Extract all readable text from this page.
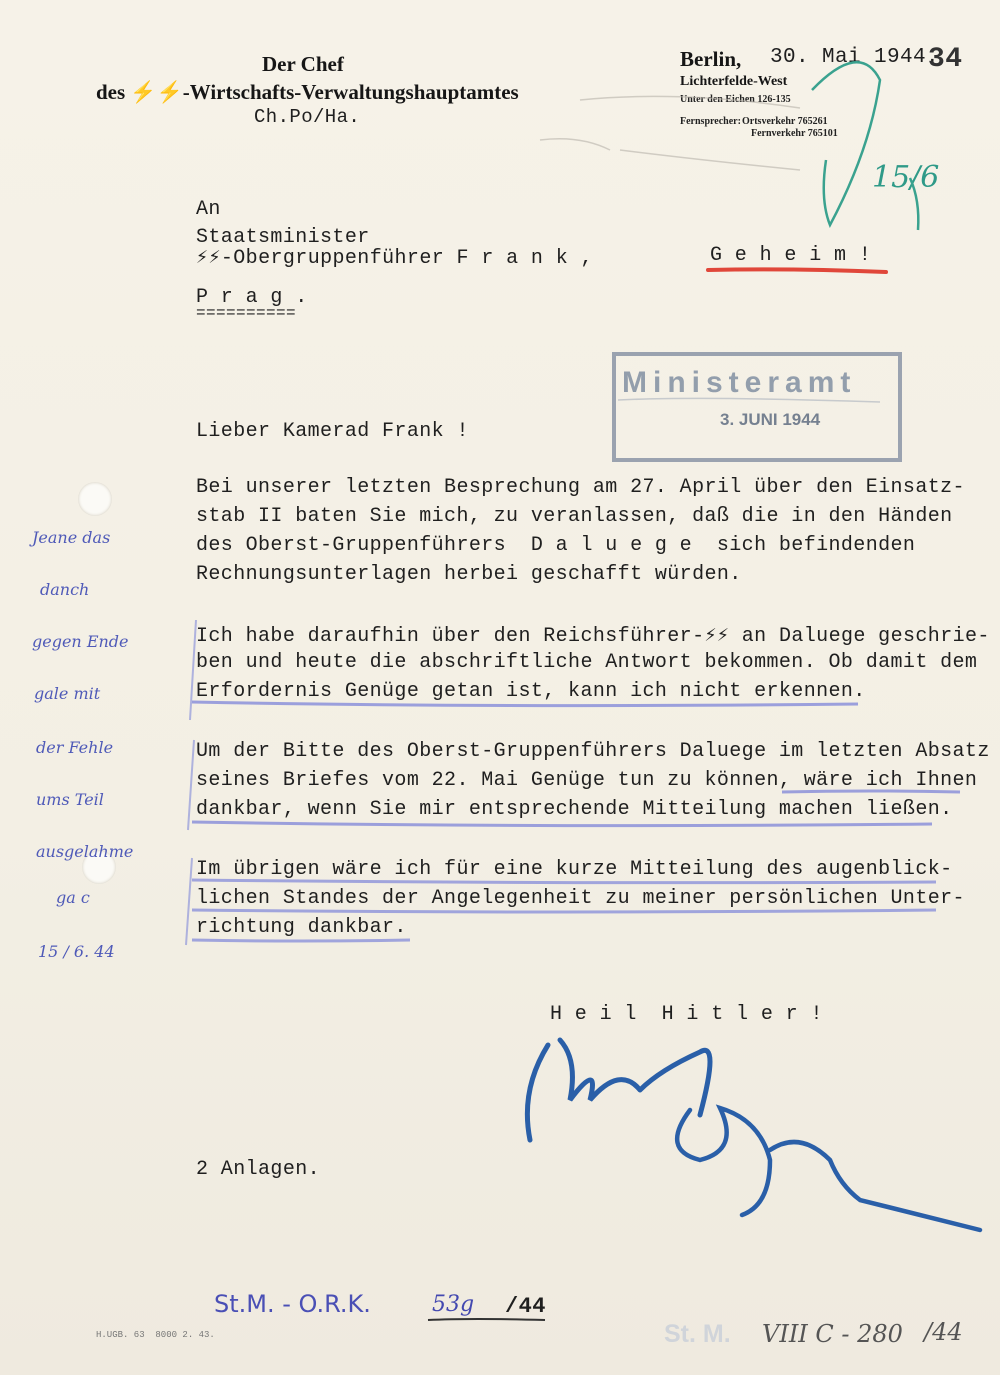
Der Chef
des ⚡⚡-Wirtschafts-Verwaltungshauptamtes
Ch.Po/Ha.
Berlin, 30. Mai 1944.
34
Lichterfelde-West
Unter den Eichen 126-135
Fernsprecher: Ortsverkehr 765261
Fernverkehr 765101
An
Staatsminister
⚡⚡-Obergruppenführer F r a n k ,
P r a g .
==========
G e h e i m !
Ministeramt
3. JUNI 1944
Lieber Kamerad Frank !
Bei unserer letzten Besprechung am 27. April über den Einsatz-
stab II baten Sie mich, zu veranlassen, daß die in den Händen
des Oberst-Gruppenführers  D a l u e g e  sich befindenden
Rechnungsunterlagen herbei geschafft würden.
Ich habe daraufhin über den Reichsführer-⚡⚡ an Daluege geschrie-
ben und heute die abschriftliche Antwort bekommen. Ob damit dem
Erfordernis Genüge getan ist, kann ich nicht erkennen.
Um der Bitte des Oberst-Gruppenführers Daluege im letzten Absatz
seines Briefes vom 22. Mai Genüge tun zu können, wäre ich Ihnen
dankbar, wenn Sie mir entsprechende Mitteilung machen ließen.
Im übrigen wäre ich für eine kurze Mitteilung des augenblick-
lichen Standes der Angelegenheit zu meiner persönlichen Unter-
richtung dankbar.
H e i l  H i t l e r !
2 Anlagen.
Jeane das
danch
gegen Ende
gale mit
der Fehle
ums Teil
ausgelahme
ga c
15 / 6. 44
15/6
St.M. - O.R.K.	53g /44
St. M. VIII C - 280 /44
H.UGB. 63  8000 2. 43.
